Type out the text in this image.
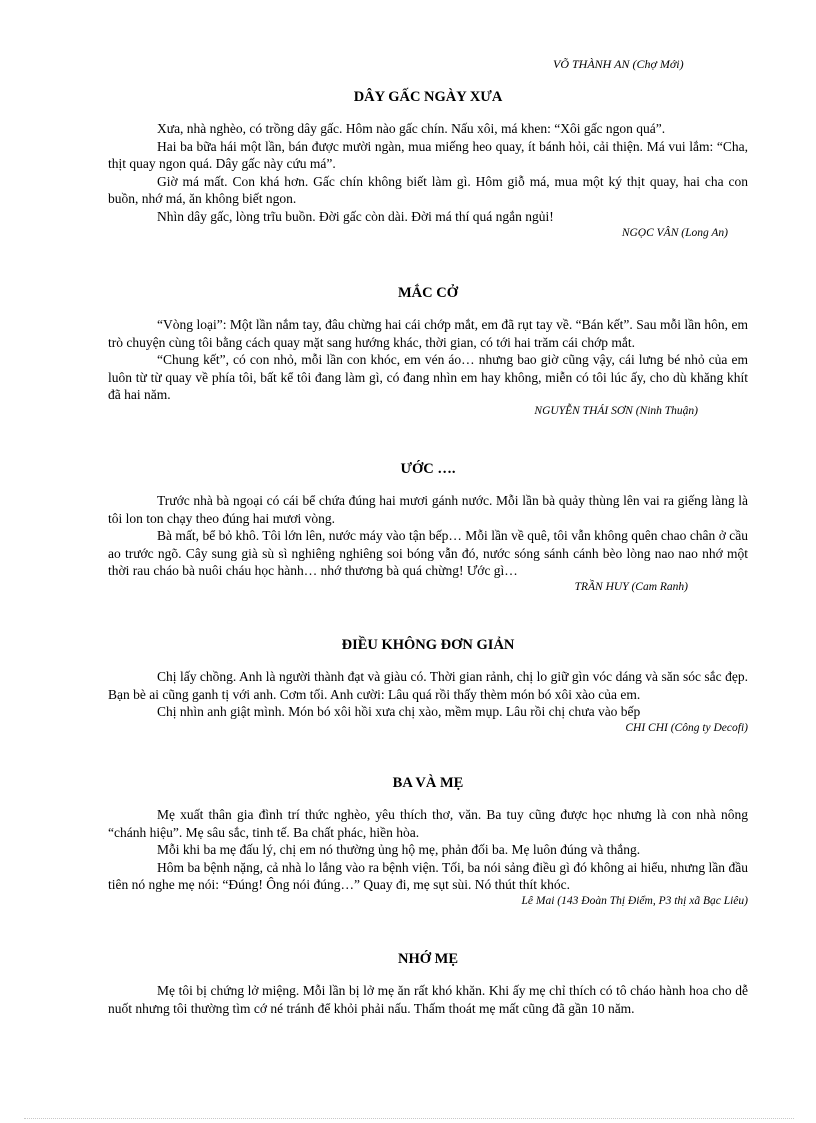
VÕ THÀNH AN (Chợ Mới)
DÂY GẤC NGÀY XƯA

Xưa, nhà nghèo, có trồng dây gấc. Hôm nào gấc chín. Nấu xôi, má khen: “Xôi gấc ngon quá”.

Hai ba bữa hái một lần, bán được mười ngàn, mua miếng heo quay, ít bánh hỏi, cải thiện. Má vui lắm: “Cha, thịt quay ngon quá. Dây gấc này cứu má”.

Giờ má mất. Con khá hơn. Gấc chín không biết làm gì. Hôm giỗ má, mua một ký thịt quay, hai cha con buồn, nhớ má, ăn không biết ngon.

Nhìn dây gấc, lòng trĩu buồn. Đời gấc còn dài. Đời má thí quá ngắn ngủi!

NGỌC VÂN (Long An)

MẮC CỞ

“Vòng loại”: Một lần nắm tay, đâu chừng hai cái chớp mắt, em đã rụt tay về. “Bán kết”. Sau mỗi lần hôn, em trò chuyện cùng tôi bằng cách quay mặt sang hướng khác, thời gian, có tới hai trăm cái chớp mắt.

“Chung kết”, có con nhỏ, mỗi lần con khóc, em vén áo… nhưng bao giờ cũng vậy, cái lưng bé nhỏ của em luôn từ từ quay về phía tôi, bất kể tôi đang làm gì, có đang nhìn em hay không, miễn có tôi lúc ấy, cho dù khăng khít đã hai năm.

NGUYỄN THÁI SƠN (Ninh Thuận)

ƯỚC ….

Trước nhà bà ngoại có cái bể chứa đúng hai mươi gánh nước. Mỗi lần bà quảy thùng lên vai ra giếng làng là tôi lon ton chạy theo đúng hai mươi vòng.

Bà mất, bể bỏ khô. Tôi lớn lên, nước máy vào tận bếp… Mỗi lần về quê, tôi vẫn không quên chao chân ở cầu ao trước ngõ. Cây sung già sù sì nghiêng nghiêng soi bóng vẫn đó, nước sóng sánh cánh bèo lòng nao nao nhớ một thời rau cháo bà nuôi cháu học hành… nhớ thương bà quá chừng! Ước gì…

TRẦN HUY (Cam Ranh)

ĐIỀU KHÔNG ĐƠN GIẢN

Chị lấy chồng. Anh là người thành đạt và giàu có. Thời gian rảnh, chị lo giữ gìn vóc dáng và săn sóc sắc đẹp. Bạn bè ai cũng ganh tị với anh. Cơm tối. Anh cười: Lâu quá rồi thấy thèm món bó xôi xào của em.

Chị nhìn anh giật mình. Món bó xôi hồi xưa chị xào, mềm mụp. Lâu rồi chị chưa vào bếp

CHI CHI (Công ty Decofi)

BA VÀ MẸ

Mẹ xuất thân gia đình trí thức nghèo, yêu thích thơ, văn. Ba tuy cũng được học nhưng là con nhà nông “chánh hiệu”. Mẹ sâu sắc, tinh tế. Ba chất phác, hiền hòa.

Mỗi khi ba mẹ đấu lý, chị em nó thường ủng hộ mẹ, phản đối ba. Mẹ luôn đúng và thắng.

Hôm ba bệnh nặng, cả nhà lo lắng vào ra bệnh viện. Tối, ba nói sảng điều gì đó không ai hiểu, nhưng lần đầu tiên nó nghe mẹ nói: “Đúng! Ông nói đúng…” Quay đi, mẹ sụt sùi. Nó thút thít khóc.

Lê Mai (143 Đoàn Thị Điểm, P3 thị xã Bạc Liêu)

NHỚ MẸ

Mẹ tôi bị chứng lở miệng. Mỗi lần bị lở mẹ ăn rất khó khăn. Khi ấy mẹ chỉ thích có tô cháo hành hoa cho dễ nuốt nhưng tôi thường tìm cớ né tránh để khỏi phải nấu. Thấm thoát mẹ mất cũng đã gần 10 năm.
